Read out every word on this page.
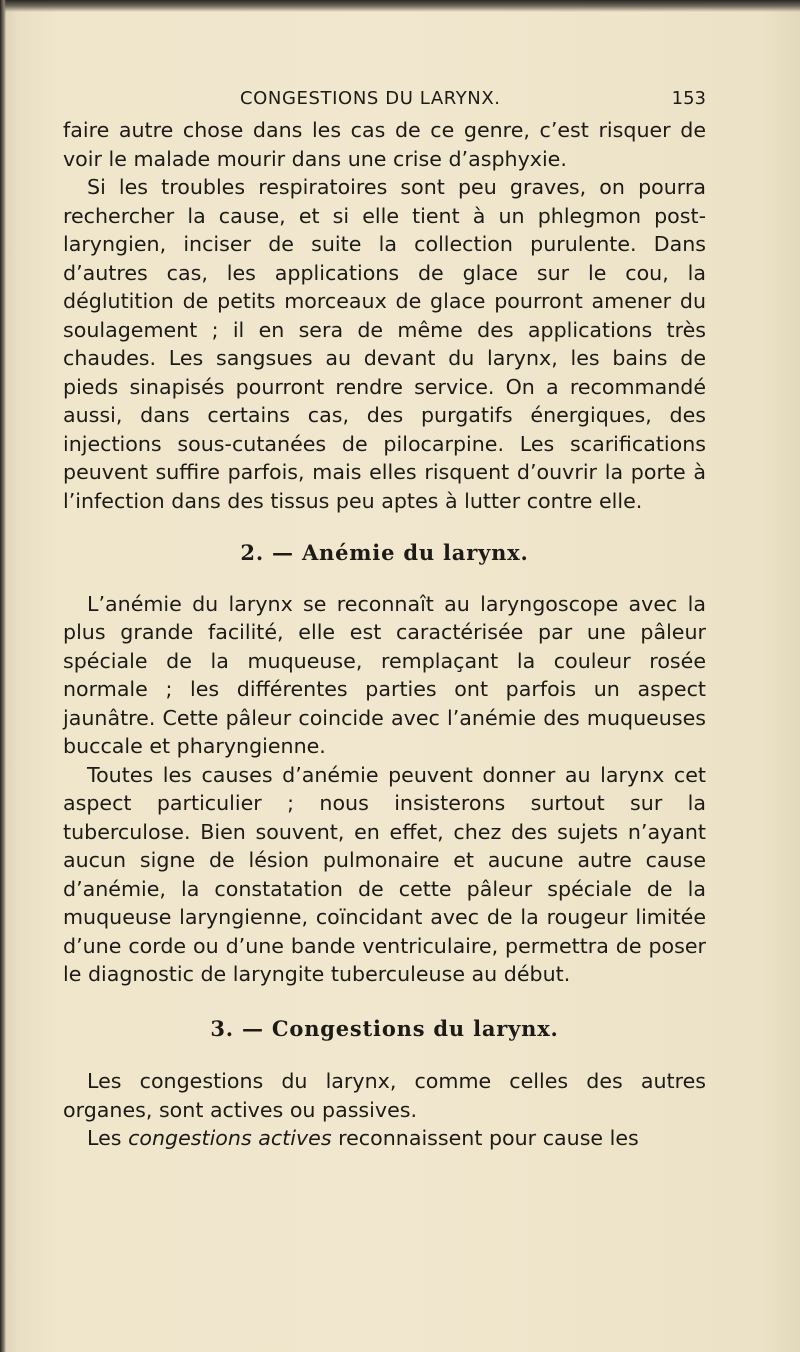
CONGESTIONS DU LARYNX.	153

faire autre chose dans les cas de ce genre, c’est risquer de voir le malade mourir dans une crise d’asphyxie.

Si les troubles respiratoires sont peu graves, on pourra rechercher la cause, et si elle tient à un phlegmon post-laryngien, inciser de suite la collection purulente. Dans d’autres cas, les applications de glace sur le cou, la déglutition de petits morceaux de glace pourront amener du soulagement ; il en sera de même des applications très chaudes. Les sangsues au devant du larynx, les bains de pieds sinapisés pourront rendre service. On a recommandé aussi, dans certains cas, des purgatifs énergiques, des injections sous-cutanées de pilocarpine. Les scarifications peuvent suffire parfois, mais elles risquent d’ouvrir la porte à l’infection dans des tissus peu aptes à lutter contre elle.

2. — Anémie du larynx.

L’anémie du larynx se reconnaît au laryngoscope avec la plus grande facilité, elle est caractérisée par une pâleur spéciale de la muqueuse, remplaçant la couleur rosée normale ; les différentes parties ont parfois un aspect jaunâtre. Cette pâleur coincide avec l’anémie des muqueuses buccale et pharyngienne.

Toutes les causes d’anémie peuvent donner au larynx cet aspect particulier ; nous insisterons surtout sur la tuberculose. Bien souvent, en effet, chez des sujets n’ayant aucun signe de lésion pulmonaire et aucune autre cause d’anémie, la constatation de cette pâleur spéciale de la muqueuse laryngienne, coïncidant avec de la rougeur limitée d’une corde ou d’une bande ventriculaire, permettra de poser le diagnostic de laryngite tuberculeuse au début.

3. — Congestions du larynx.

Les congestions du larynx, comme celles des autres organes, sont actives ou passives.

Les congestions actives reconnaissent pour cause les
